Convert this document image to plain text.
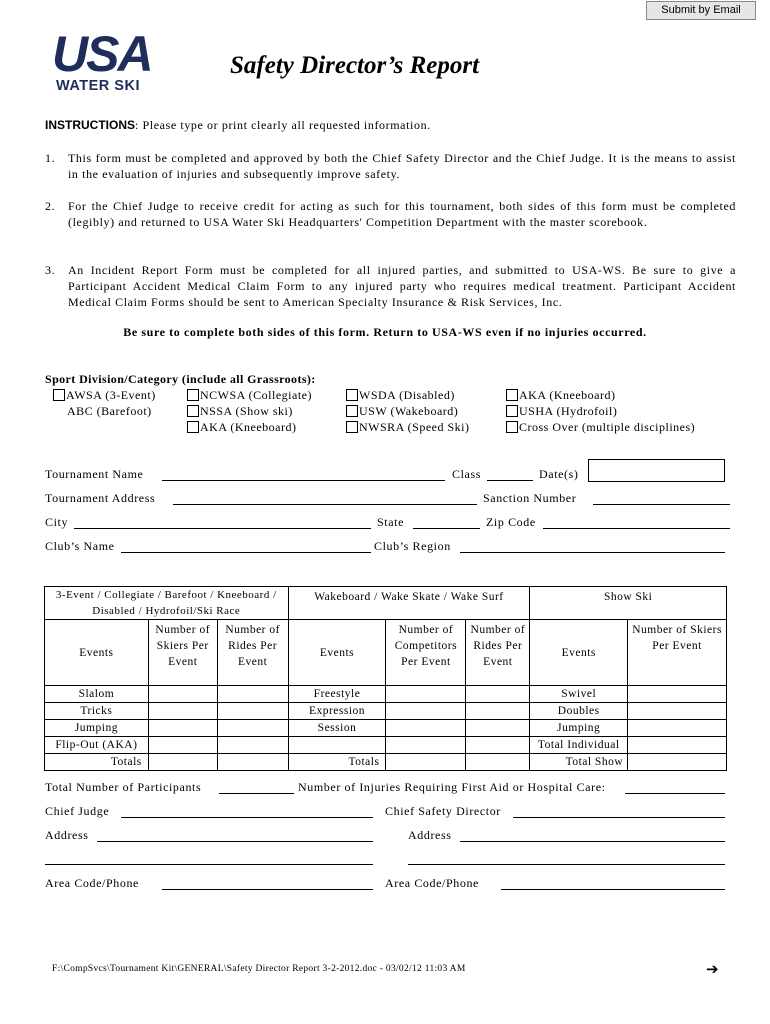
Submit by Email
USA
WATER SKI
Safety Director’s Report
INSTRUCTIONS: Please type or print clearly all requested information.
1. This form must be completed and approved by both the Chief Safety Director and the Chief Judge. It is the means to assist in the evaluation of injuries and subsequently improve safety.
2. For the Chief Judge to receive credit for acting as such for this tournament, both sides of this form must be completed (legibly) and returned to USA Water Ski Headquarters' Competition Department with the master scorebook.
3. An Incident Report Form must be completed for all injured parties, and submitted to USA-WS. Be sure to give a Participant Accident Medical Claim Form to any injured party who requires medical treatment. Participant Accident Medical Claim Forms should be sent to American Specialty Insurance & Risk Services, Inc.
Be sure to complete both sides of this form. Return to USA-WS even if no injuries occurred.
Sport Division/Category (include all Grassroots):
AWSA (3-Event)
ABC (Barefoot)
NCWSA (Collegiate)
NSSA (Show ski)
AKA (Kneeboard)
WSDA (Disabled)
USW (Wakeboard)
NWSRA (Speed Ski)
AKA (Kneeboard)
USHA (Hydrofoil)
Cross Over (multiple disciplines)
Tournament Name	Class	Date(s)
Tournament Address	Sanction Number
City	State	Zip Code
Club’s Name	Club’s Region
3-Event / Collegiate / Barefoot / Kneeboard / Disabled / Hydrofoil/Ski Race			Wakeboard / Wake Skate / Wake Surf			Show Ski	
Events	Number of Skiers Per Event	Number of Rides Per Event	Events	Number of Competitors Per Event	Number of Rides Per Event	Events	Number of Skiers Per Event
Slalom			Freestyle			Swivel	
Tricks			Expression			Doubles	
Jumping			Session			Jumping	
Flip-Out (AKA)						Total Individual	
Totals			Totals			Total Show	
Total Number of Participants	Number of Injuries Requiring First Aid or Hospital Care:
Chief Judge	Chief Safety Director
Address	Address
Area Code/Phone	Area Code/Phone
F:\CompSvcs\Tournament Kit\GENERAL\Safety Director Report 3-2-2012.doc - 03/02/12 11:03 AM	➔
